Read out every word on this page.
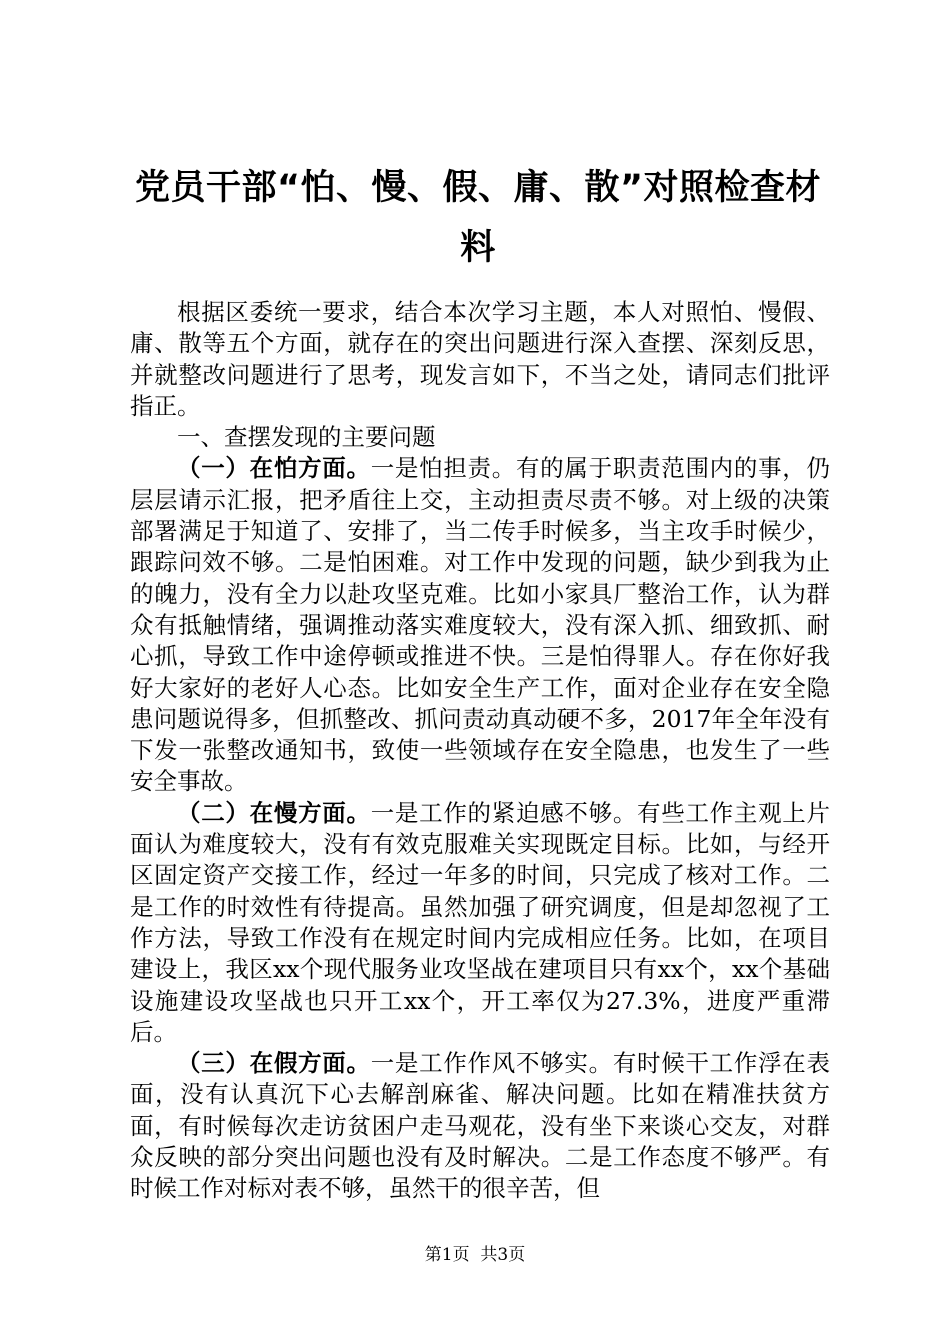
党员干部“怕、慢、假、庸、散”对照检查材料

根据区委统一要求，结合本次学习主题，本人对照怕、慢假、庸、散等五个方面，就存在的突出问题进行深入查摆、深刻反思，并就整改问题进行了思考，现发言如下，不当之处，请同志们批评指正。

一、查摆发现的主要问题

（一）在怕方面。一是怕担责。有的属于职责范围内的事，仍层层请示汇报，把矛盾往上交，主动担责尽责不够。对上级的决策部署满足于知道了、安排了，当二传手时候多，当主攻手时候少，跟踪问效不够。二是怕困难。对工作中发现的问题，缺少到我为止的魄力，没有全力以赴攻坚克难。比如小家具厂整治工作，认为群众有抵触情绪，强调推动落实难度较大，没有深入抓、细致抓、耐心抓，导致工作中途停顿或推进不快。三是怕得罪人。存在你好我好大家好的老好人心态。比如安全生产工作，面对企业存在安全隐患问题说得多，但抓整改、抓问责动真动硬不多，2017年全年没有下发一张整改通知书，致使一些领域存在安全隐患，也发生了一些安全事故。

（二）在慢方面。一是工作的紧迫感不够。有些工作主观上片面认为难度较大，没有有效克服难关实现既定目标。比如，与经开区固定资产交接工作，经过一年多的时间，只完成了核对工作。二是工作的时效性有待提高。虽然加强了研究调度，但是却忽视了工作方法，导致工作没有在规定时间内完成相应任务。比如，在项目建设上，我区xx个现代服务业攻坚战在建项目只有xx个，xx个基础设施建设攻坚战也只开工xx个，开工率仅为27.3%，进度严重滞后。

（三）在假方面。一是工作作风不够实。有时候干工作浮在表面，没有认真沉下心去解剖麻雀、解决问题。比如在精准扶贫方面，有时候每次走访贫困户走马观花，没有坐下来谈心交友，对群众反映的部分突出问题也没有及时解决。二是工作态度不够严。有时候工作对标对表不够，虽然干的很辛苦，但

第1页 共3页
